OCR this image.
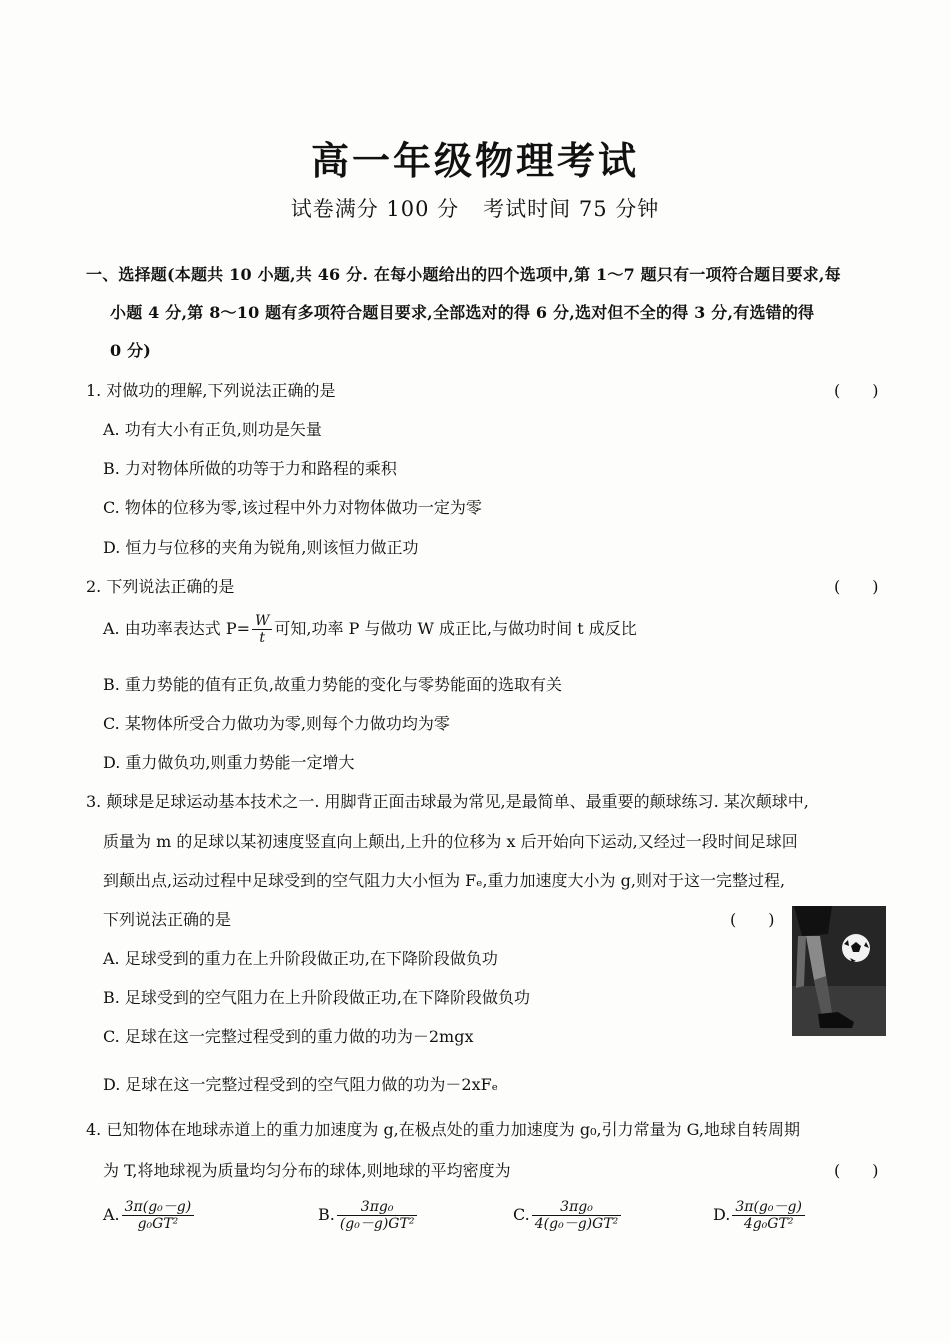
高一年级物理考试
试卷满分 100 分 考试时间 75 分钟
一、选择题(本题共 10 小题,共 46 分. 在每小题给出的四个选项中,第 1～7 题只有一项符合题目要求,每
小题 4 分,第 8～10 题有多项符合题目要求,全部选对的得 6 分,选对但不全的得 3 分,有选错的得
0 分)
1. 对做功的理解,下列说法正确的是	(　　)
A. 功有大小有正负,则功是矢量
B. 力对物体所做的功等于力和路程的乘积
C. 物体的位移为零,该过程中外力对物体做功一定为零
D. 恒力与位移的夹角为锐角,则该恒力做正功
2. 下列说法正确的是	(　　)
A. 由功率表达式 $P= \frac{W}{t}$ 可知,功率 P 与做功 W 成正比,与做功时间 t 成反比
B. 重力势能的值有正负,故重力势能的变化与零势能面的选取有关
C. 某物体所受合力做功为零,则每个力做功均为零
D. 重力做负功,则重力势能一定增大
3. 颠球是足球运动基本技术之一. 用脚背正面击球最为常见,是最简单、最重要的颠球练习. 某次颠球中,
质量为 m 的足球以某初速度竖直向上颠出,上升的位移为 x 后开始向下运动,又经过一段时间足球回
到颠出点,运动过程中足球受到的空气阻力大小恒为 Fₑ,重力加速度大小为 g,则对于这一完整过程,
下列说法正确的是	(　　)
A. 足球受到的重力在上升阶段做正功,在下降阶段做负功
B. 足球受到的空气阻力在上升阶段做正功,在下降阶段做负功
C. 足球在这一完整过程受到的重力做的功为－2mgx
D. 足球在这一完整过程受到的空气阻力做的功为－2xFₑ
4. 已知物体在地球赤道上的重力加速度为 g,在极点处的重力加速度为 g₀,引力常量为 G,地球自转周期
为 T,将地球视为质量均匀分布的球体,则地球的平均密度为	(　　)
A. $\frac{\text{3π(g₀－g)}}{\text{g₀GT²}}$	B. $\frac{\text{3πg₀}}{\text{(g₀－g)GT²}}$	C. $\frac{\text{3πg₀}}{\text{4(g₀－g)GT²}}$	D. $\frac{\text{3π(g₀－g)}}{\text{4g₀GT²}}$
